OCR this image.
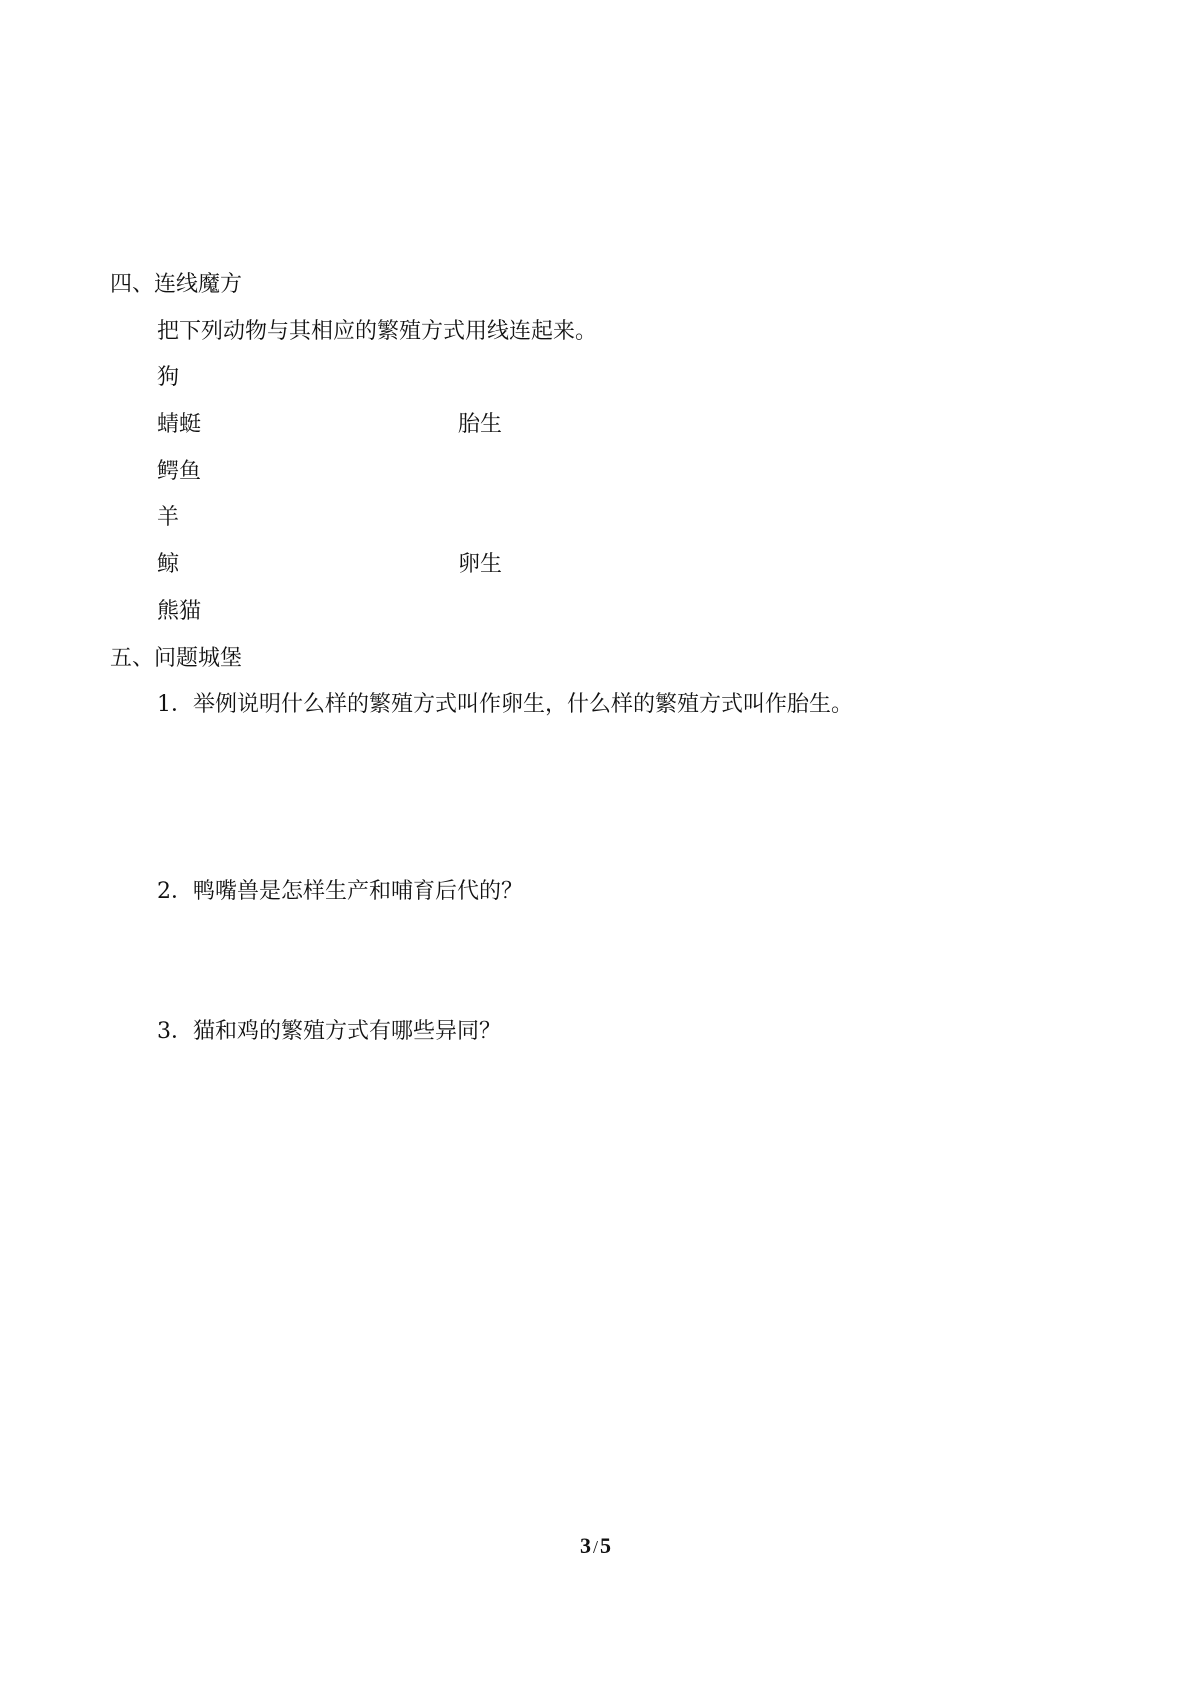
四、连线魔方
把下列动物与其相应的繁殖方式用线连起来。
狗
蜻蜓
鳄鱼
羊
鲸
熊猫
胎生
卵生
五、问题城堡
1．举例说明什么样的繁殖方式叫作卵生，什么样的繁殖方式叫作胎生。
2．鸭嘴兽是怎样生产和哺育后代的？
3．猫和鸡的繁殖方式有哪些异同？
3 /5
